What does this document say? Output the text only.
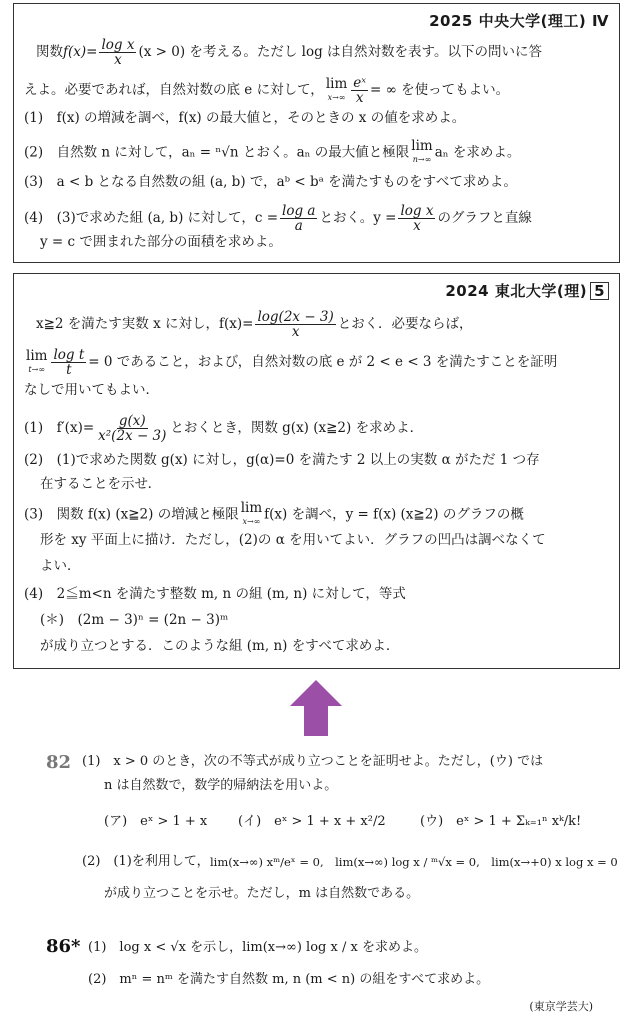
2025 中央大学(理工) Ⅳ
関数$f(x)= \frac{\text{log x}}{x} (x > 0)$ を考える。ただし log は自然対数を表す。以下の問いに答
えよ。必要であれば，自然対数の底 e に対して， lim
$x\to\infty \frac{\text{eˣ}}{x}$ = ∞ を使ってもよい。
(1)　f(x) の増減を調べ，f(x) の最大値と，そのときの x の値を求めよ。
(2)　自然数 n に対して，aₙ = ⁿ√n とおく。aₙ の最大値と極限 lim
n→∞ aₙ を求めよ。
(3)　a < b となる自然数の組 (a, b) で，aᵇ < bᵃ を満たすものをすべて求めよ。
(4)　(3)で求めた組 (a, b) に対して，$c = \frac{\text{log a}}{a}$ とおく。$y = \frac{\text{log x}}{x}$ のグラフと直線
y = c で囲まれた部分の面積を求めよ。
2024 東北大学(理) 5
x≧2 を満たす実数 x に対し，$f(x)= \frac{\log(2x - 3)}{x}$ とおく．必要ならば，
lim
$t\to\infty \frac{\text{log t}}{t} = 0$ であること，および，自然対数の底 e が 2 < e < 3 を満たすことを証明
なしで用いてもよい．
(1)　$f'(x)= \frac{g(x)}{\text{x²(2x − 3)}}$ とおくとき，関数 g(x) (x≧2) を求めよ．
(2)　(1)で求めた関数 g(x) に対し，g(α)=0 を満たす 2 以上の実数 α がただ 1 つ存
在することを示せ．
(3)　関数 f(x) (x≧2) の増減と極限 lim
x→∞ f(x) を調べ，y = f(x) (x≧2) のグラフの概
形を xy 平面上に描け．ただし，(2)の α を用いてよい．グラフの凹凸は調べなくて
よい．
(4)　2≦m<n を満たす整数 m, n の組 (m, n) に対して，等式
(＊)　(2m − 3)ⁿ = (2n − 3)ᵐ
が成り立つとする．このような組 (m, n) をすべて求めよ．
82 (1)　x > 0 のとき，次の不等式が成り立つことを証明せよ。ただし，(ウ) では
n は自然数で，数学的帰納法を用いよ。
(ア)　eˣ > 1 + x (イ)　eˣ > 1 + x + x²/2	(ウ)　eˣ > 1 + Σₖ₌₁ⁿ xᵏ/k!
(2)　(1)を利用して， lim(x→∞) xᵐ/eˣ = 0,　lim(x→∞) log x / ᵐ√x = 0,　lim(x→+0) x log x = 0
が成り立つことを示せ。ただし，m は自然数である。
86* (1)　log x < √x を示し，lim(x→∞) log x / x を求めよ。
(2)　mⁿ = nᵐ を満たす自然数 m, n (m < n) の組をすべて求めよ。
(東京学芸大)
